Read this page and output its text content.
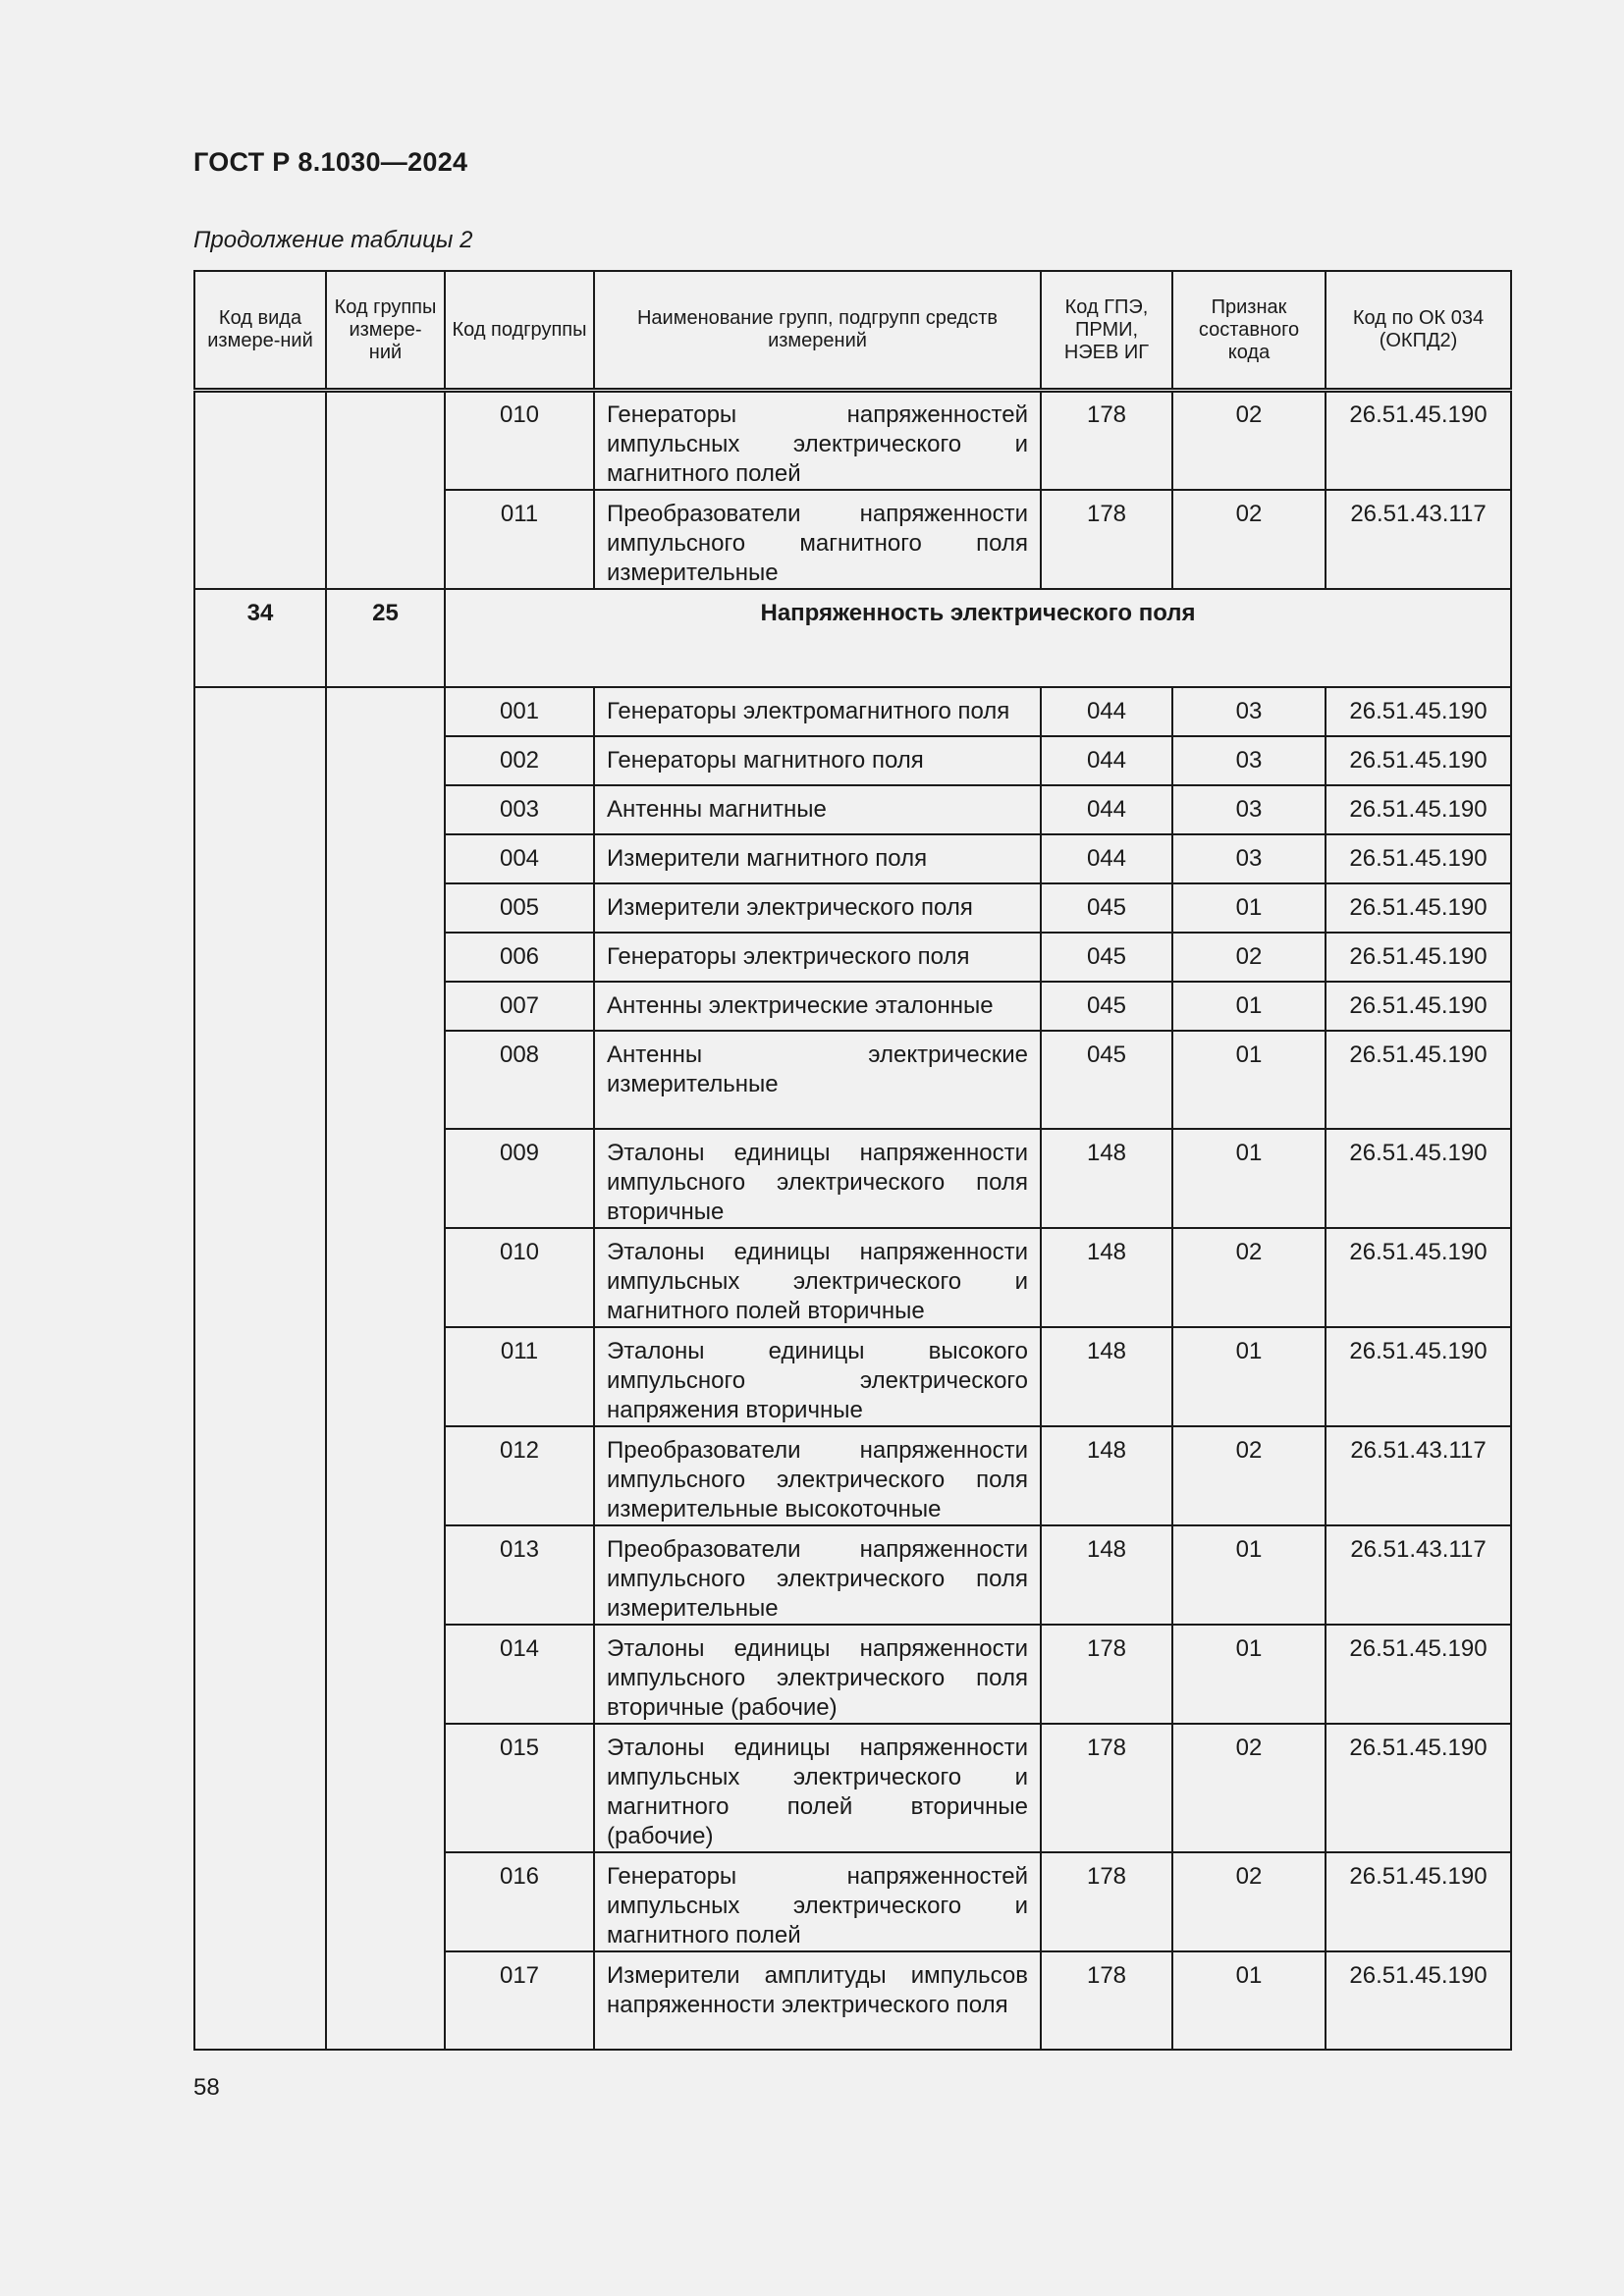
ГОСТ Р 8.1030—2024
Продолжение таблицы 2
Код вида измере-ний	Код группы измере-ний	Код подгруппы	Наименование групп, подгрупп средств измерений	Код ГПЭ, ПРМИ, НЭЕВ ИГ	Признак составного кода	Код по ОК 034 (ОКПД2)
		010	Генераторы напряженностей импульсных электрического и магнитного полей	178	02	26.51.45.190
		011	Преобразователи напряженности импульсного магнитного поля измерительные	178	02	26.51.43.117
34	25	Напряженность электрического поля				
		001	Генераторы электромагнитного поля	044	03	26.51.45.190
		002	Генераторы магнитного поля	044	03	26.51.45.190
		003	Антенны магнитные	044	03	26.51.45.190
		004	Измерители магнитного поля	044	03	26.51.45.190
		005	Измерители электрического поля	045	01	26.51.45.190
		006	Генераторы электрического поля	045	02	26.51.45.190
		007	Антенны электрические эталонные	045	01	26.51.45.190
		008	Антенны электрические измерительные	045	01	26.51.45.190
		009	Эталоны единицы напряженности импульсного электрического поля вторичные	148	01	26.51.45.190
		010	Эталоны единицы напряженности импульсных электрического и магнитного полей вторичные	148	02	26.51.45.190
		011	Эталоны единицы высокого импульсного электрического напряжения вторичные	148	01	26.51.45.190
		012	Преобразователи напряженности импульсного электрического поля измерительные высокоточные	148	02	26.51.43.117
		013	Преобразователи напряженности импульсного электрического поля измерительные	148	01	26.51.43.117
		014	Эталоны единицы напряженности импульсного электрического поля вторичные (рабочие)	178	01	26.51.45.190
		015	Эталоны единицы напряженности импульсных электрического и магнитного полей вторичные (рабочие)	178	02	26.51.45.190
		016	Генераторы напряженностей импульсных электрического и магнитного полей	178	02	26.51.45.190
		017	Измерители амплитуды импульсов напряженности электрического поля	178	01	26.51.45.190
58
